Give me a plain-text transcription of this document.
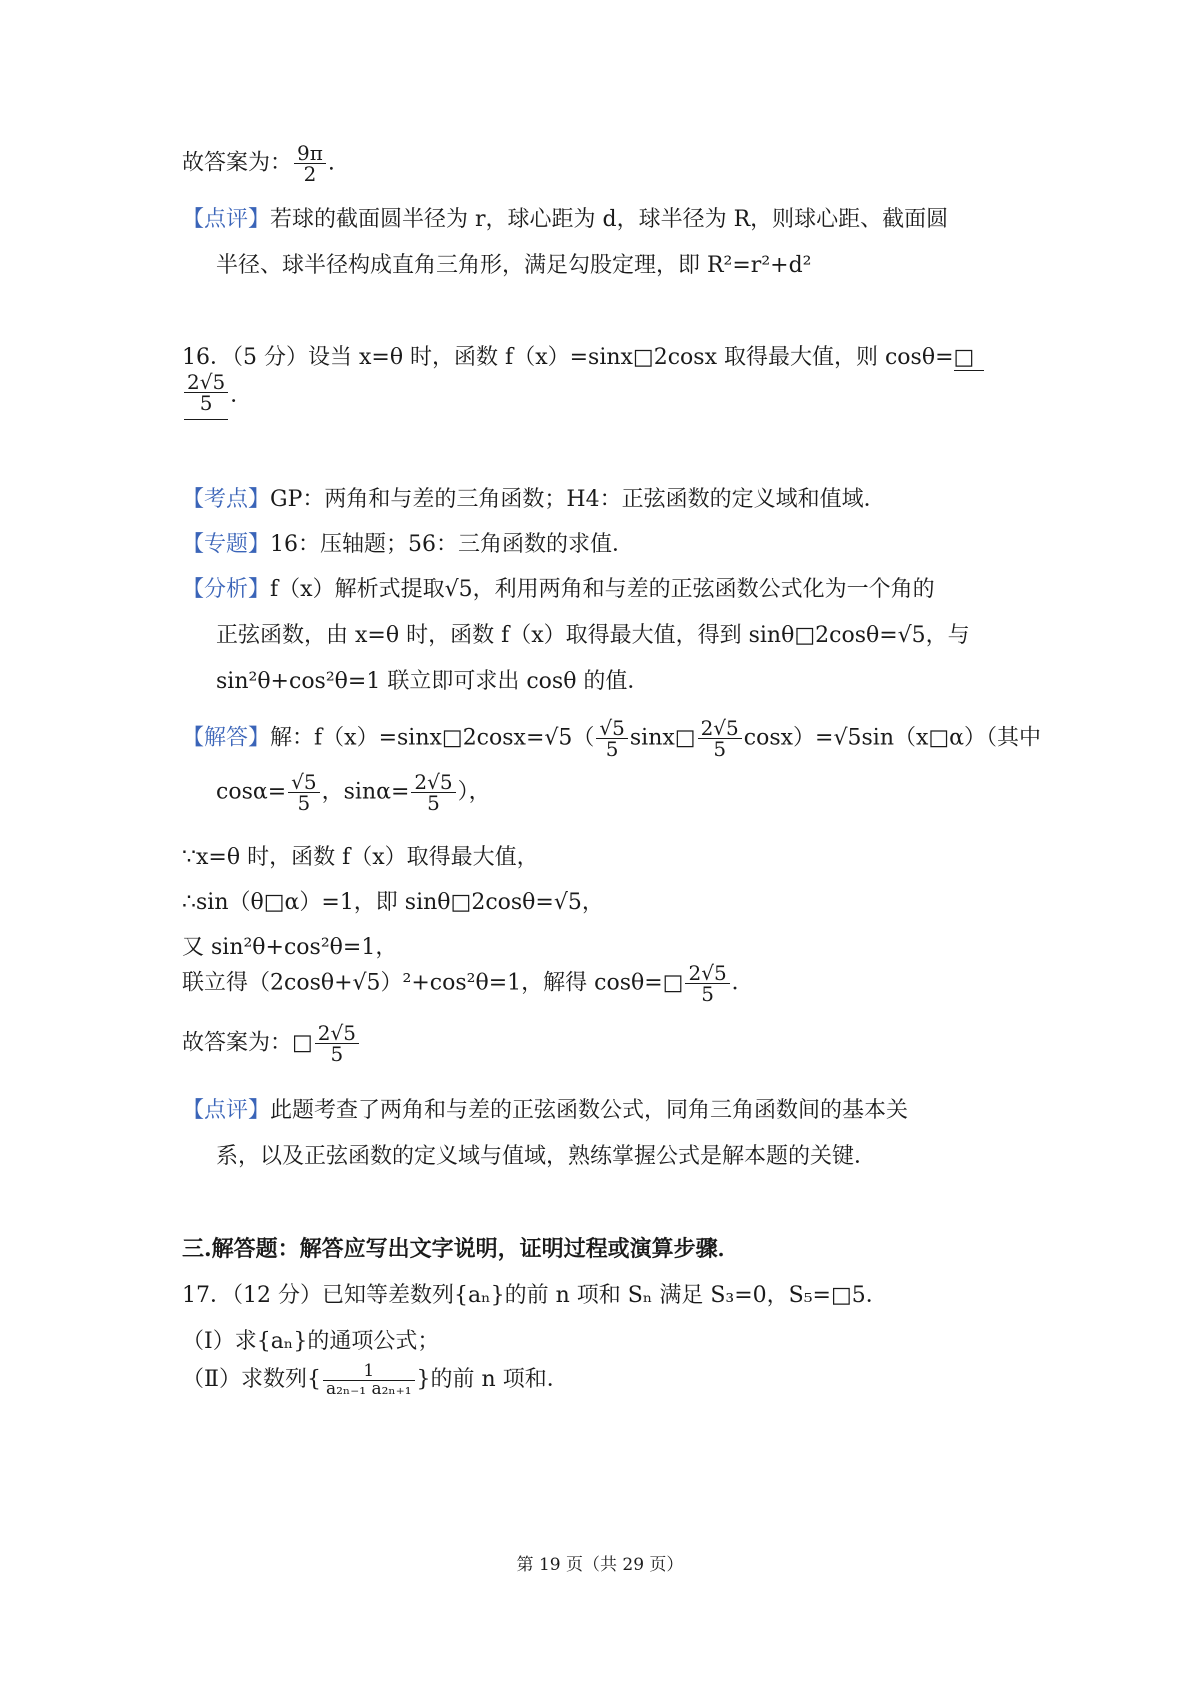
故答案为： $\frac{9\pi}{2}$ .
【点评】若球的截面圆半径为 r，球心距为 d，球半径为 R，则球心距、截面圆
半径、球半径构成直角三角形，满足勾股定理，即 R²=r²+d²
16．（5 分）设当 x=θ 时，函数 f（x）=sinx□2cosx 取得最大值，则 cosθ=□
$\frac{2√5}{5}$ ．
【考点】GP：两角和与差的三角函数；H4：正弦函数的定义域和值域．
【专题】16：压轴题；56：三角函数的求值．
【分析】f（x）解析式提取√5，利用两角和与差的正弦函数公式化为一个角的
正弦函数，由 x=θ 时，函数 f（x）取得最大值，得到 sinθ□2cosθ=√5，与
sin²θ+cos²θ=1 联立即可求出 cosθ 的值．
【解答】解：f（x）=sinx□2cosx=√5（ $\frac{√5}{5}$ sinx□ $\frac{2√5}{5}$ cosx）=√5sin（x□α）（其中
$\cos\alpha= \frac{√5}{5}$ ，$\sin\alpha= \frac{2√5}{5}$ ），
∵x=θ 时，函数 f（x）取得最大值，
∴sin（θ□α）=1，即 sinθ□2cosθ=√5，
又 sin²θ+cos²θ=1，
联立得（2cosθ+√5）²+cos²θ=1，解得 cosθ=□ $\frac{2√5}{5}$ ．
故答案为：□ $\frac{2√5}{5}$
【点评】此题考查了两角和与差的正弦函数公式，同角三角函数间的基本关
系，以及正弦函数的定义域与值域，熟练掌握公式是解本题的关键．
三.解答题：解答应写出文字说明，证明过程或演算步骤．
17．（12 分）已知等差数列{aₙ}的前 n 项和 Sₙ 满足 S₃=0，S₅=□5．
（Ⅰ）求{aₙ}的通项公式；
（Ⅱ）求数列{ $\frac{1}{\text{a₂ₙ₋₁ a₂ₙ₊₁}}$ }的前 n 项和．
第 19 页（共 29 页）
